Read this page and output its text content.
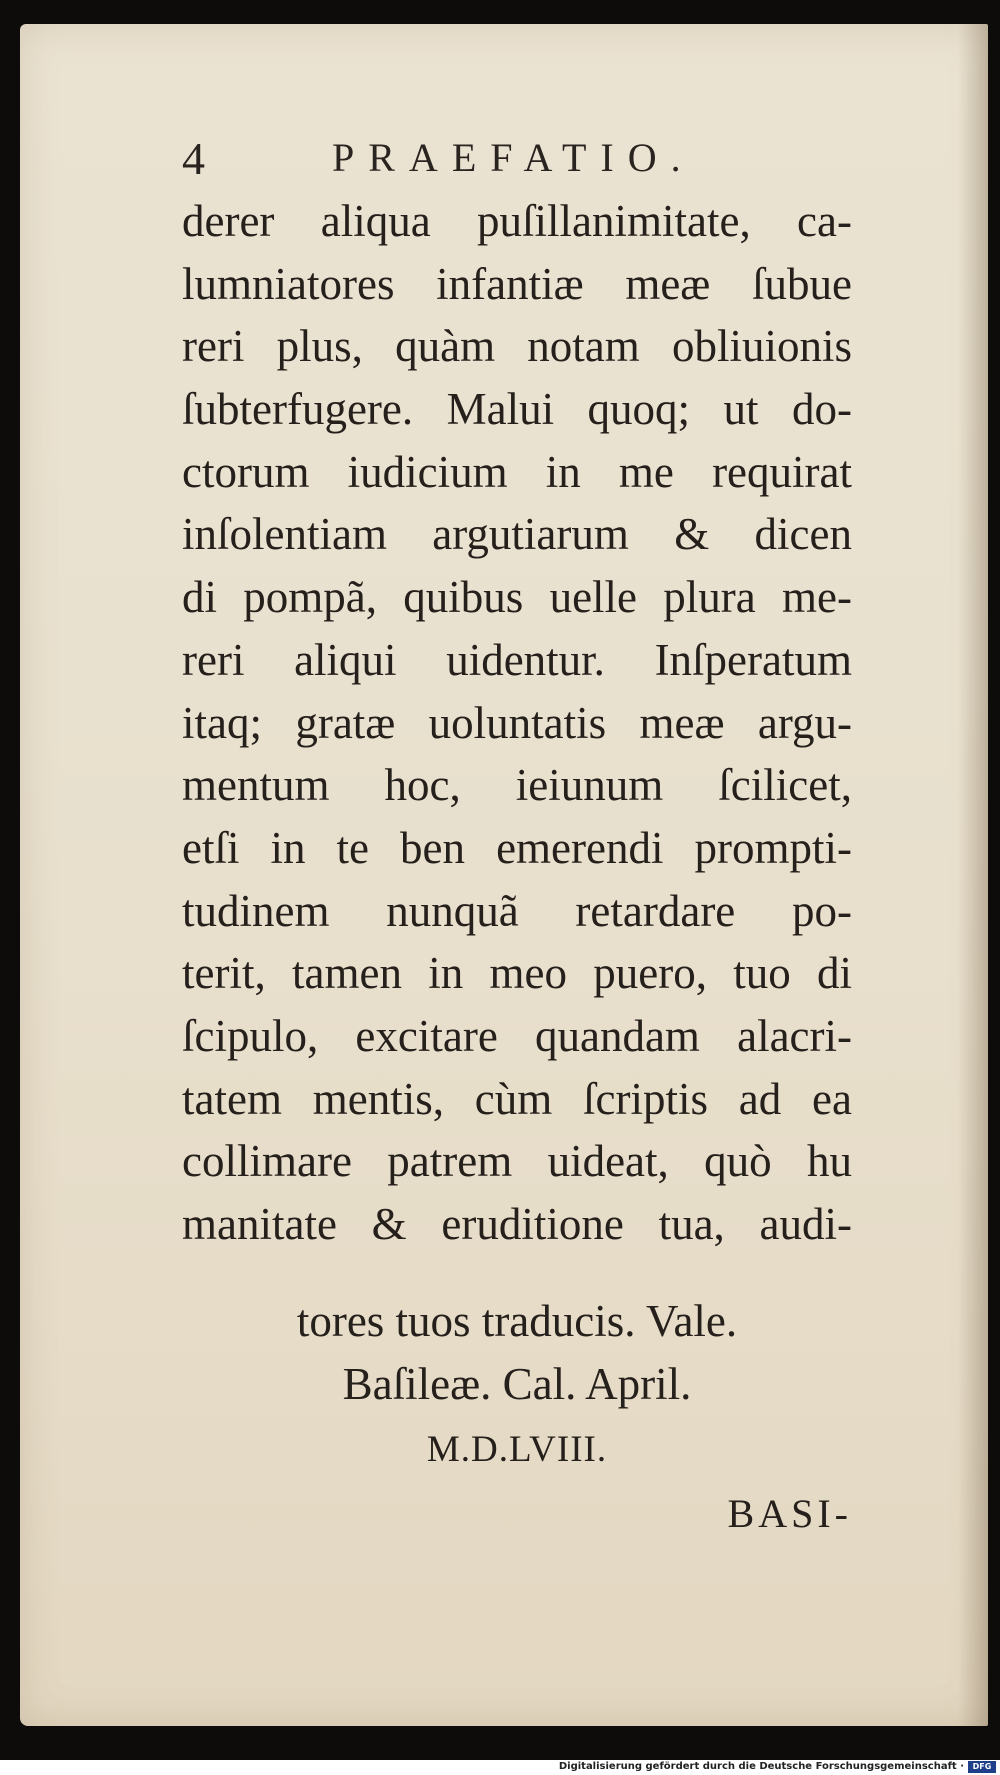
4	PRAEFATIO.
derer aliqua puſillanimitate, ca-
lumniatores infantiæ meæ ſubue
reri plus, quàm notam obliuionis
ſubterfugere. Malui quoq; ut do-
ctorum iudicium in me requirat
inſolentiam argutiarum & dicen
di pompã, quibus uelle plura me-
reri aliqui uidentur. Inſperatum
itaq; gratæ uoluntatis meæ argu-
mentum hoc, ieiunum ſcilicet,
etſi in te ben emerendi prompti-
tudinem nunquã retardare po-
terit, tamen in meo puero, tuo di
ſcipulo, excitare quandam alacri-
tatem mentis, cùm ſcriptis ad ea
collimare patrem uideat, quò hu
manitate & eruditione tua, audi-
tores tuos traducis. Vale.
Baſileæ. Cal. April.
M.D.LVIII.
BASI-
Digitalisierung gefördert durch die Deutsche Forschungsgemeinschaft ·	DFG
